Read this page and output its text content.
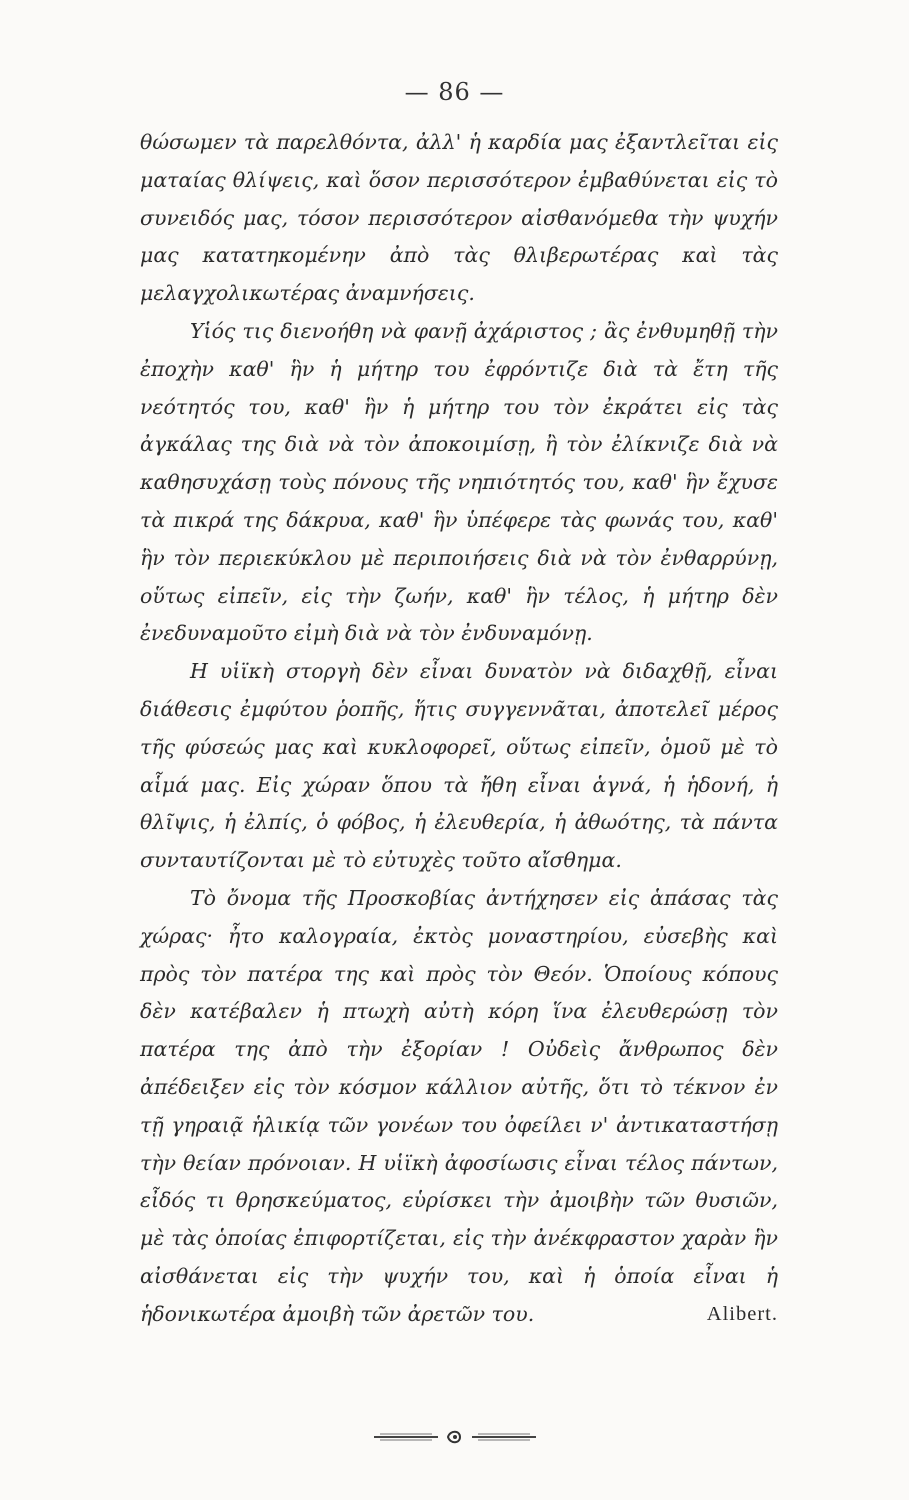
— 86 —

θώσωμεν τὰ παρελθόντα, ἀλλ' ἡ καρδία μας ἐξαντλεῖται εἰς ματαίας θλίψεις, καὶ ὅσον περισσότερον ἐμβαθύνεται εἰς τὸ συνειδός μας, τόσον περισσότερον αἰσθανόμεθα τὴν ψυχήν μας κατατηκομένην ἀπὸ τὰς θλιβερωτέρας καὶ τὰς μελαγχολικωτέρας ἀναμνήσεις.

Υἱός τις διενοήθη νὰ φανῇ ἀχάριστος ; ἂς ἐνθυμηθῇ τὴν ἐποχὴν καθ' ἣν ἡ μήτηρ του ἐφρόντιζε διὰ τὰ ἔτη τῆς νεότητός του, καθ' ἣν ἡ μήτηρ του τὸν ἐκράτει εἰς τὰς ἀγκάλας της διὰ νὰ τὸν ἀποκοιμίσῃ, ἢ τὸν ἐλίκνιζε διὰ νὰ καθησυχάσῃ τοὺς πόνους τῆς νηπιότητός του, καθ' ἣν ἔχυσε τὰ πικρά της δάκρυα, καθ' ἣν ὑπέφερε τὰς φωνάς του, καθ' ἣν τὸν περιεκύκλου μὲ περιποιήσεις διὰ νὰ τὸν ἐνθαρρύνῃ, οὕτως εἰπεῖν, εἰς τὴν ζωήν, καθ' ἣν τέλος, ἡ μήτηρ δὲν ἐνεδυναμοῦτο εἰμὴ διὰ νὰ τὸν ἐνδυναμόνῃ.

Η υἱϊκὴ στοργὴ δὲν εἶναι δυνατὸν νὰ διδαχθῇ, εἶναι διάθεσις ἐμφύτου ῥοπῆς, ἥτις συγγεννᾶται, ἀποτελεῖ μέρος τῆς φύσεώς μας καὶ κυκλοφορεῖ, οὕτως εἰπεῖν, ὁμοῦ μὲ τὸ αἷμά μας. Εἰς χώραν ὅπου τὰ ἤθη εἶναι ἁγνά, ἡ ἡδονή, ἡ θλῖψις, ἡ ἐλπίς, ὁ φόβος, ἡ ἐλευθερία, ἡ ἀθωότης, τὰ πάντα συνταυτίζονται μὲ τὸ εὐτυχὲς τοῦτο αἴσθημα.

Τὸ ὄνομα τῆς Προσκοβίας ἀντήχησεν εἰς ἁπάσας τὰς χώρας· ἦτο καλογραία, ἐκτὸς μοναστηρίου, εὐσεβὴς καὶ πρὸς τὸν πατέρα της καὶ πρὸς τὸν Θεόν. Ὁποίους κόπους δὲν κατέβαλεν ἡ πτωχὴ αὐτὴ κόρη ἵνα ἐλευθερώσῃ τὸν πατέρα της ἀπὸ τὴν ἐξορίαν ! Οὐδεὶς ἄνθρωπος δὲν ἀπέδειξεν εἰς τὸν κόσμον κάλλιον αὐτῆς, ὅτι τὸ τέκνον ἐν τῇ γηραιᾷ ἡλικίᾳ τῶν γονέων του ὀφείλει ν' ἀντικαταστήσῃ τὴν θείαν πρόνοιαν. Η υἱϊκὴ ἀφοσίωσις εἶναι τέλος πάντων, εἶδός τι θρησκεύματος, εὑρίσκει τὴν ἀμοιβὴν τῶν θυσιῶν, μὲ τὰς ὁποίας ἐπιφορτίζεται, εἰς τὴν ἀνέκφραστον χαρὰν ἣν αἰσθάνεται εἰς τὴν ψυχήν του, καὶ ἡ ὁποία εἶναι ἡ ἡδονικωτέρα ἀμοιβὴ τῶν ἀρετῶν του.	Alibert.
